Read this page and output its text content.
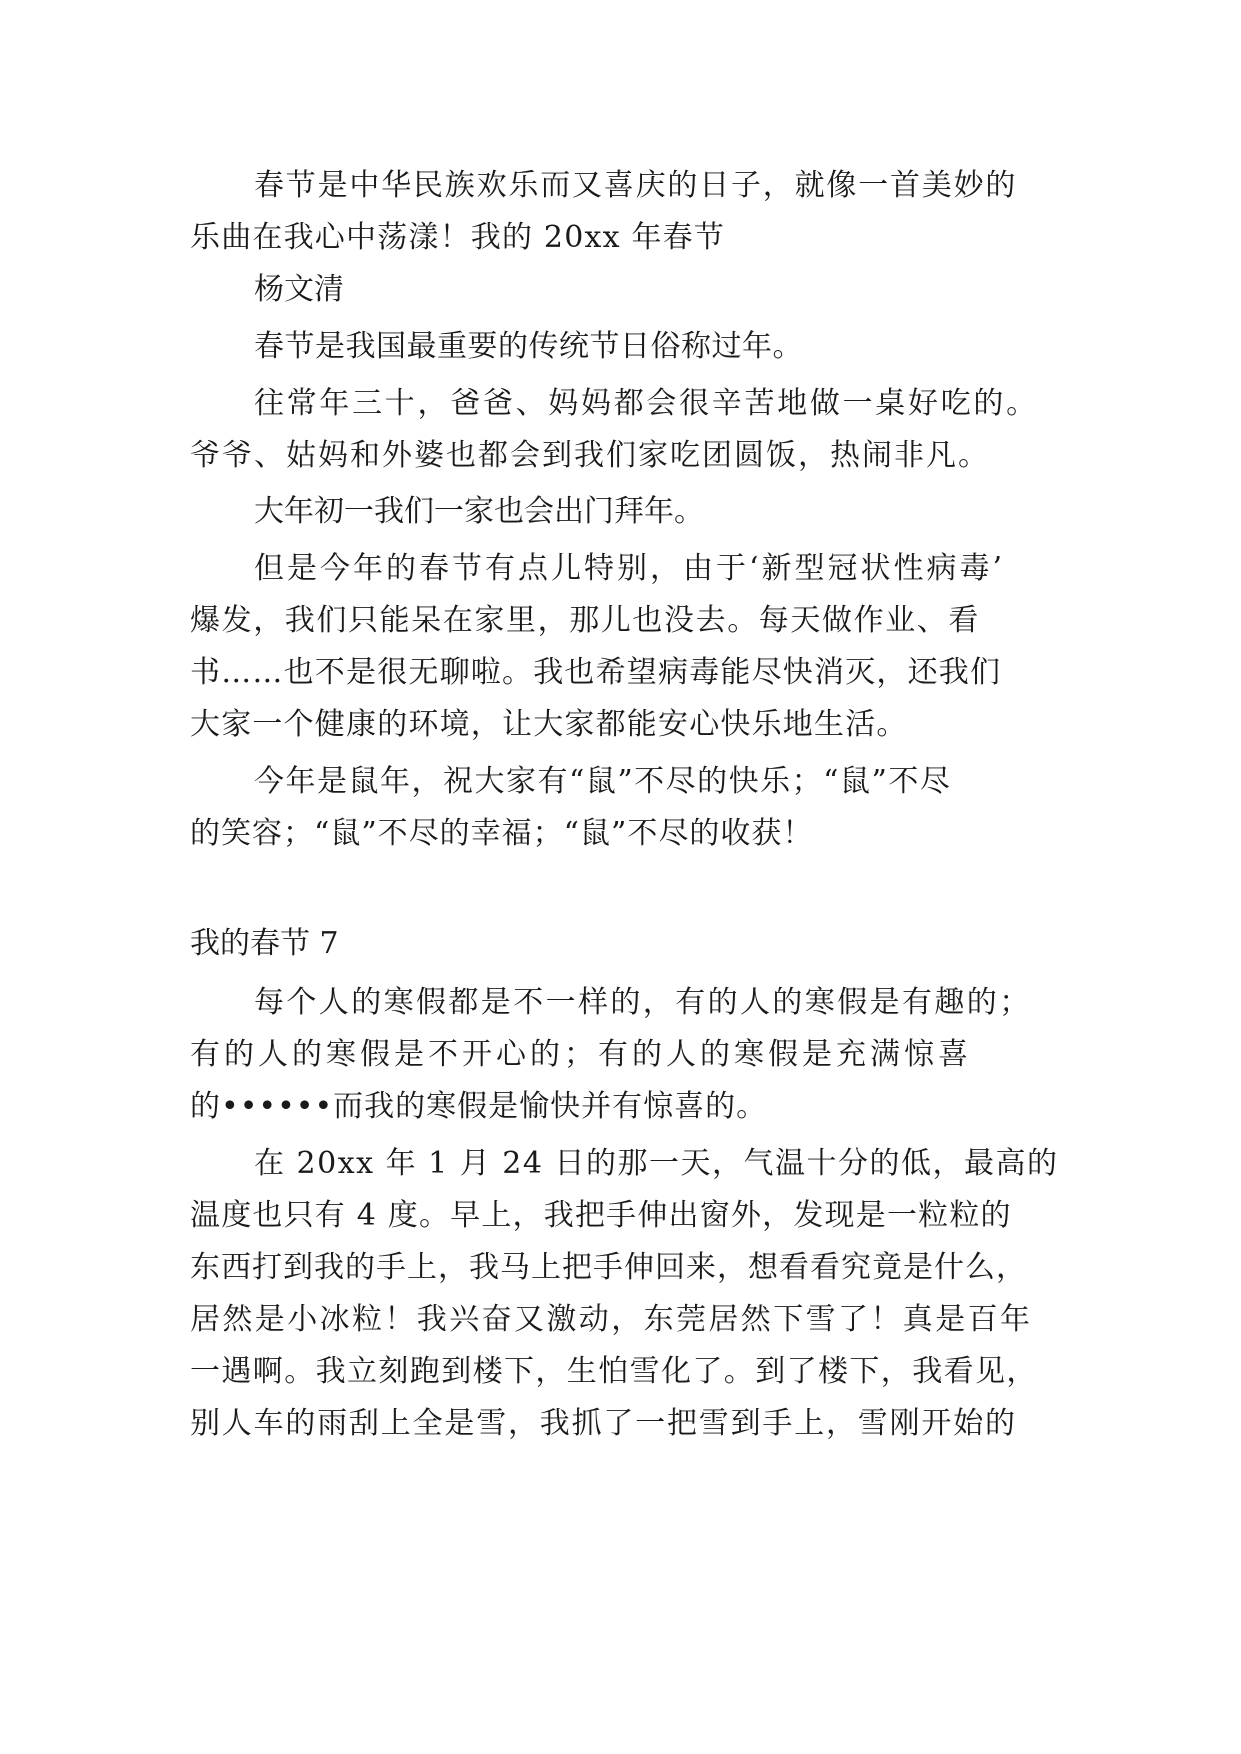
春节是中华民族欢乐而又喜庆的日子，就像一首美妙的
乐曲在我心中荡漾！我的 20xx 年春节
杨文清
春节是我国最重要的传统节日俗称过年。
往常年三十，爸爸、妈妈都会很辛苦地做一桌好吃的。
爷爷、姑妈和外婆也都会到我们家吃团圆饭，热闹非凡。
大年初一我们一家也会出门拜年。
但是今年的春节有点儿特别，由于‘新型冠状性病毒’
爆发，我们只能呆在家里，那儿也没去。每天做作业、看
书……也不是很无聊啦。我也希望病毒能尽快消灭，还我们
大家一个健康的环境，让大家都能安心快乐地生活。
今年是鼠年，祝大家有“鼠”不尽的快乐；“鼠”不尽
的笑容；“鼠”不尽的幸福；“鼠”不尽的收获！
我的春节 7
每个人的寒假都是不一样的，有的人的寒假是有趣的；
有的人的寒假是不开心的；有的人的寒假是充满惊喜
的••••••而我的寒假是愉快并有惊喜的。
在 20xx 年 1 月 24 日的那一天，气温十分的低，最高的
温度也只有 4 度。早上，我把手伸出窗外，发现是一粒粒的
东西打到我的手上，我马上把手伸回来，想看看究竟是什么，
居然是小冰粒！我兴奋又激动，东莞居然下雪了！真是百年
一遇啊。我立刻跑到楼下，生怕雪化了。到了楼下，我看见，
别人车的雨刮上全是雪，我抓了一把雪到手上，雪刚开始的
